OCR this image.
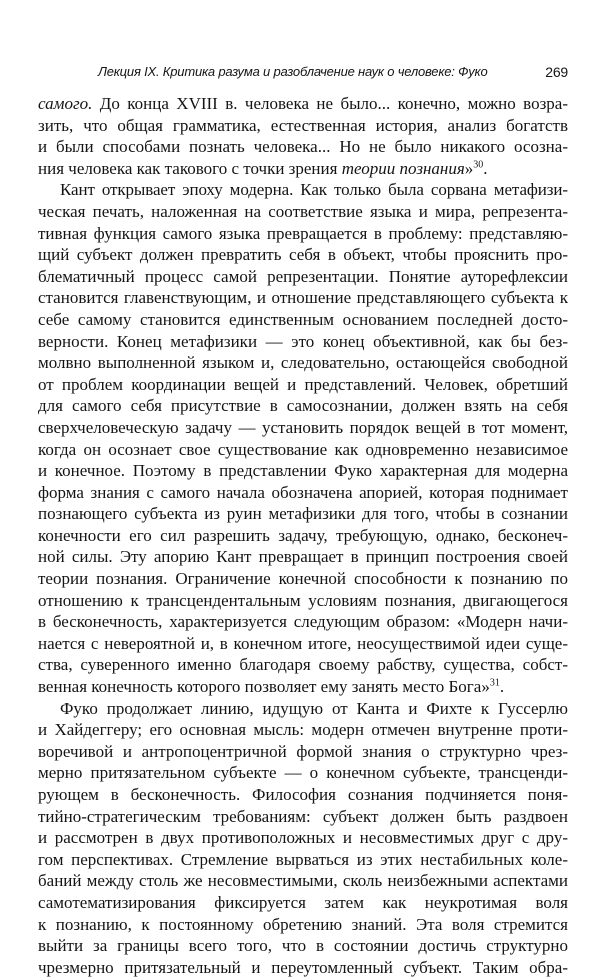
Лекция IX. Критика разума и разоблачение наук о человеке: Фуко	269
самого. До конца XVIII в. человека не было... конечно, можно возра-
зить, что общая грамматика, естественная история, анализ богатств
и были способами познать человека... Но не было никакого осозна-
ния человека как такового с точки зрения теории познания»$^{30}$.
Кант открывает эпоху модерна. Как только была сорвана метафизи-
ческая печать, наложенная на соответствие языка и мира, репрезента-
тивная функция самого языка превращается в проблему: представляю-
щий субъект должен превратить себя в объект, чтобы прояснить про-
блематичный процесс самой репрезентации. Понятие ауторефлексии
становится главенствующим, и отношение представляющего субъекта к
себе самому становится единственным основанием последней досто-
верности. Конец метафизики — это конец объективной, как бы без-
молвно выполненной языком и, следовательно, остающейся свободной
от проблем координации вещей и представлений. Человек, обретший
для самого себя присутствие в самосознании, должен взять на себя
сверхчеловеческую задачу — установить порядок вещей в тот момент,
когда он осознает свое существование как одновременно независимое
и конечное. Поэтому в представлении Фуко характерная для модерна
форма знания с самого начала обозначена апорией, которая поднимает
познающего субъекта из руин метафизики для того, чтобы в сознании
конечности его сил разрешить задачу, требующую, однако, бесконеч-
ной силы. Эту апорию Кант превращает в принцип построения своей
теории познания. Ограничение конечной способности к познанию по
отношению к трансцендентальным условиям познания, двигающегося
в бесконечность, характеризуется следующим образом: «Модерн начи-
нается с невероятной и, в конечном итоге, неосуществимой идеи суще-
ства, суверенного именно благодаря своему рабству, существа, собст-
венная конечность которого позволяет ему занять место Бога»$^{31}$.
Фуко продолжает линию, идущую от Канта и Фихте к Гуссерлю
и Хайдеггеру; его основная мысль: модерн отмечен внутренне проти-
воречивой и антропоцентричной формой знания о структурно чрез-
мерно притязательном субъекте — о конечном субъекте, трансценди-
рующем в бесконечность. Философия сознания подчиняется поня-
тийно-стратегическим требованиям: субъект должен быть раздвоен
и рассмотрен в двух противоположных и несовместимых друг с дру-
гом перспективах. Стремление вырваться из этих нестабильных коле-
баний между столь же несовместимыми, сколь неизбежными аспектами
самотематизирования фиксируется затем как неукротимая воля
к познанию, к постоянному обретению знаний. Эта воля стремится
выйти за границы всего того, что в состоянии достичь структурно
чрезмерно притязательный и переутомленный субъект. Таким обра-
